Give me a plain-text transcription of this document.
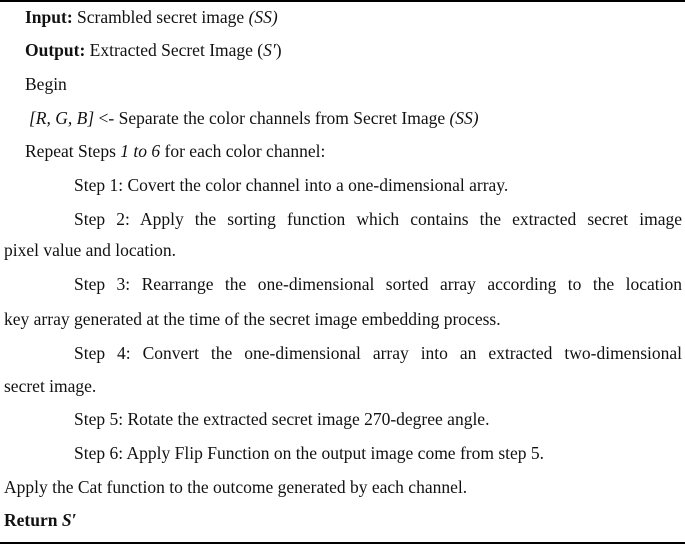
Input: Scrambled secret image (SS)
Output: Extracted Secret Image (S′)
Begin
[R, G, B] <- Separate the color channels from Secret Image (SS)
Repeat Steps 1 to 6 for each color channel:
Step 1: Covert the color channel into a one-dimensional array.
Step 2: Apply the sorting function which contains the extracted secret image
pixel value and location.
Step 3: Rearrange the one-dimensional sorted array according to the location
key array generated at the time of the secret image embedding process.
Step 4: Convert the one-dimensional array into an extracted two-dimensional
secret image.
Step 5: Rotate the extracted secret image 270-degree angle.
Step 6: Apply Flip Function on the output image come from step 5.
Apply the Cat function to the outcome generated by each channel.
Return S′
